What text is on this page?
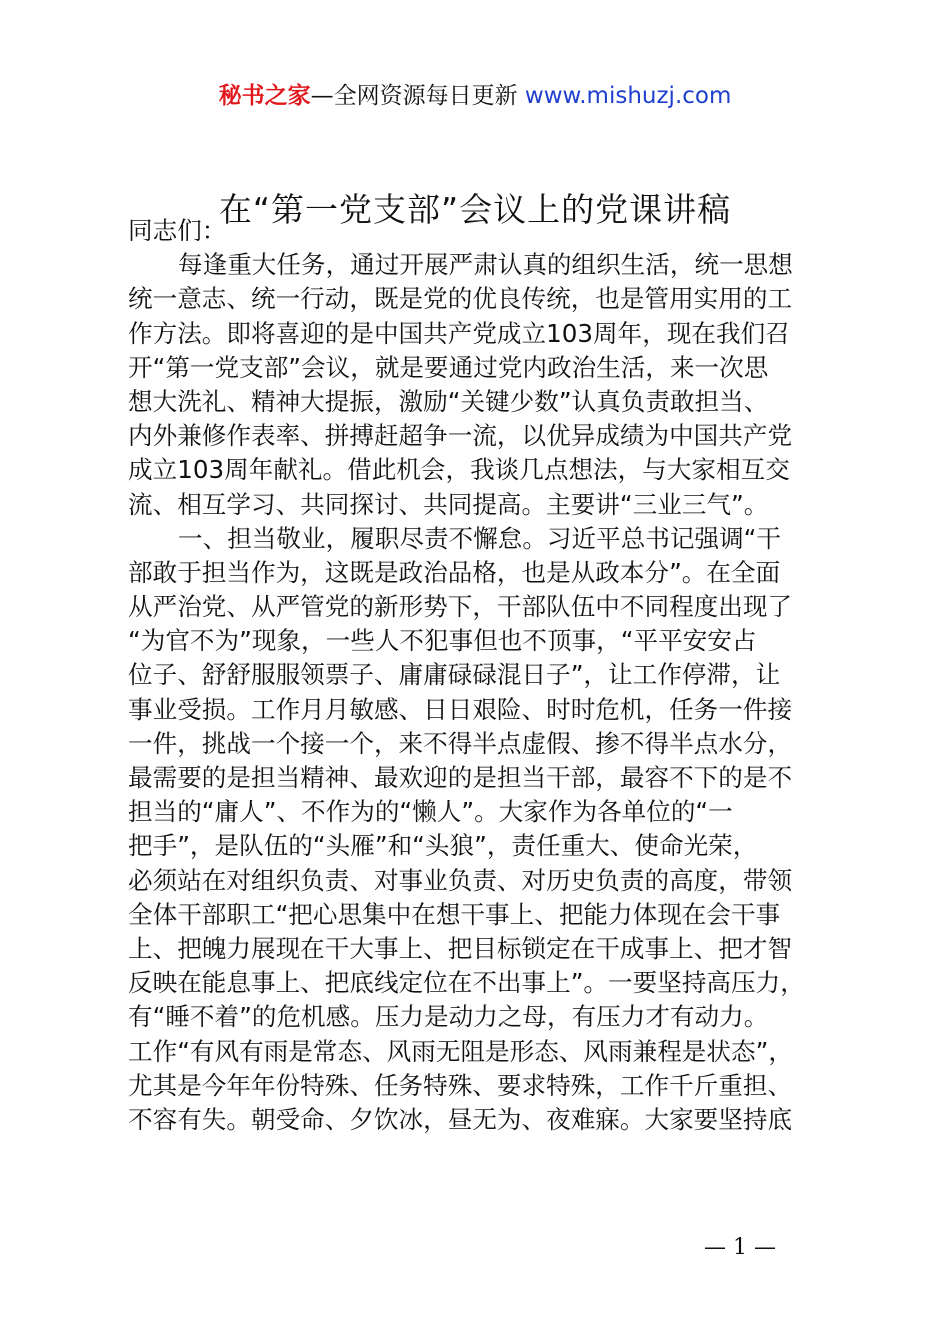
秘书之家—全网资源每日更新 www.mishuzj.com
在“第一党支部”会议上的党课讲稿
同志们：
每逢重大任务，通过开展严肃认真的组织生活，统一思想
统一意志、统一行动，既是党的优良传统，也是管用实用的工
作方法。即将喜迎的是中国共产党成立103周年，现在我们召
开“第一党支部”会议，就是要通过党内政治生活，来一次思
想大洗礼、精神大提振，激励“关键少数”认真负责敢担当、
内外兼修作表率、拼搏赶超争一流，以优异成绩为中国共产党
成立103周年献礼。借此机会，我谈几点想法，与大家相互交
流、相互学习、共同探讨、共同提高。主要讲“三业三气”。
一、担当敬业，履职尽责不懈怠。习近平总书记强调“干
部敢于担当作为，这既是政治品格，也是从政本分”。在全面
从严治党、从严管党的新形势下，干部队伍中不同程度出现了
“为官不为”现象，一些人不犯事但也不顶事，“平平安安占
位子、舒舒服服领票子、庸庸碌碌混日子”，让工作停滞，让
事业受损。工作月月敏感、日日艰险、时时危机，任务一件接
一件，挑战一个接一个，来不得半点虚假、掺不得半点水分，
最需要的是担当精神、最欢迎的是担当干部，最容不下的是不
担当的“庸人”、不作为的“懒人”。大家作为各单位的“一
把手”，是队伍的“头雁”和“头狼”，责任重大、使命光荣，
必须站在对组织负责、对事业负责、对历史负责的高度，带领
全体干部职工“把心思集中在想干事上、把能力体现在会干事
上、把魄力展现在干大事上、把目标锁定在干成事上、把才智
反映在能息事上、把底线定位在不出事上”。一要坚持高压力，
有“睡不着”的危机感。压力是动力之母，有压力才有动力。
工作“有风有雨是常态、风雨无阻是形态、风雨兼程是状态”，
尤其是今年年份特殊、任务特殊、要求特殊，工作千斤重担、
不容有失。朝受命、夕饮冰，昼无为、夜难寐。大家要坚持底
— 1 —
